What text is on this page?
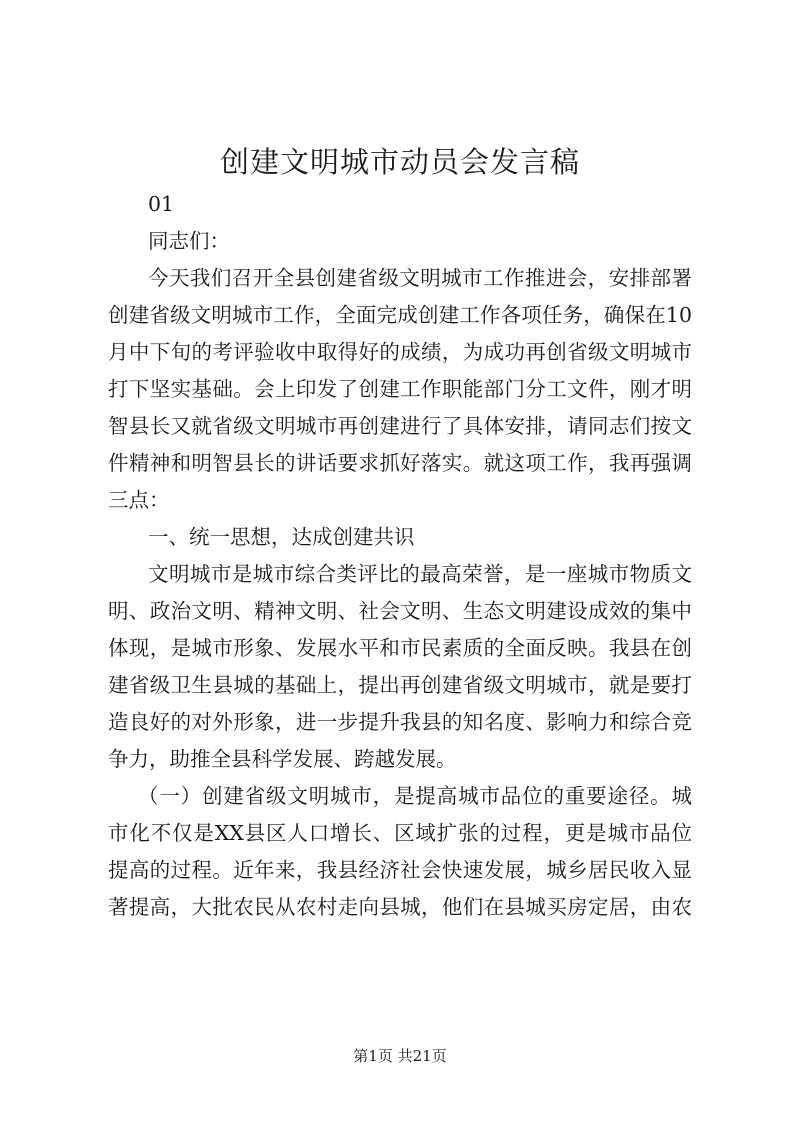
创建文明城市动员会发言稿
01
同志们：
今天我们召开全县创建省级文明城市工作推进会，安排部署
创建省级文明城市工作，全面完成创建工作各项任务，确保在10
月中下旬的考评验收中取得好的成绩，为成功再创省级文明城市
打下坚实基础。会上印发了创建工作职能部门分工文件，刚才明
智县长又就省级文明城市再创建进行了具体安排，请同志们按文
件精神和明智县长的讲话要求抓好落实。就这项工作，我再强调
三点：
一、统一思想，达成创建共识
文明城市是城市综合类评比的最高荣誉，是一座城市物质文
明、政治文明、精神文明、社会文明、生态文明建设成效的集中
体现，是城市形象、发展水平和市民素质的全面反映。我县在创
建省级卫生县城的基础上，提出再创建省级文明城市，就是要打
造良好的对外形象，进一步提升我县的知名度、影响力和综合竞
争力，助推全县科学发展、跨越发展。
（一）创建省级文明城市，是提高城市品位的重要途径。城
市化不仅是XX县区人口增长、区域扩张的过程，更是城市品位
提高的过程。近年来，我县经济社会快速发展，城乡居民收入显
著提高，大批农民从农村走向县城，他们在县城买房定居，由农
第1页 共21页
